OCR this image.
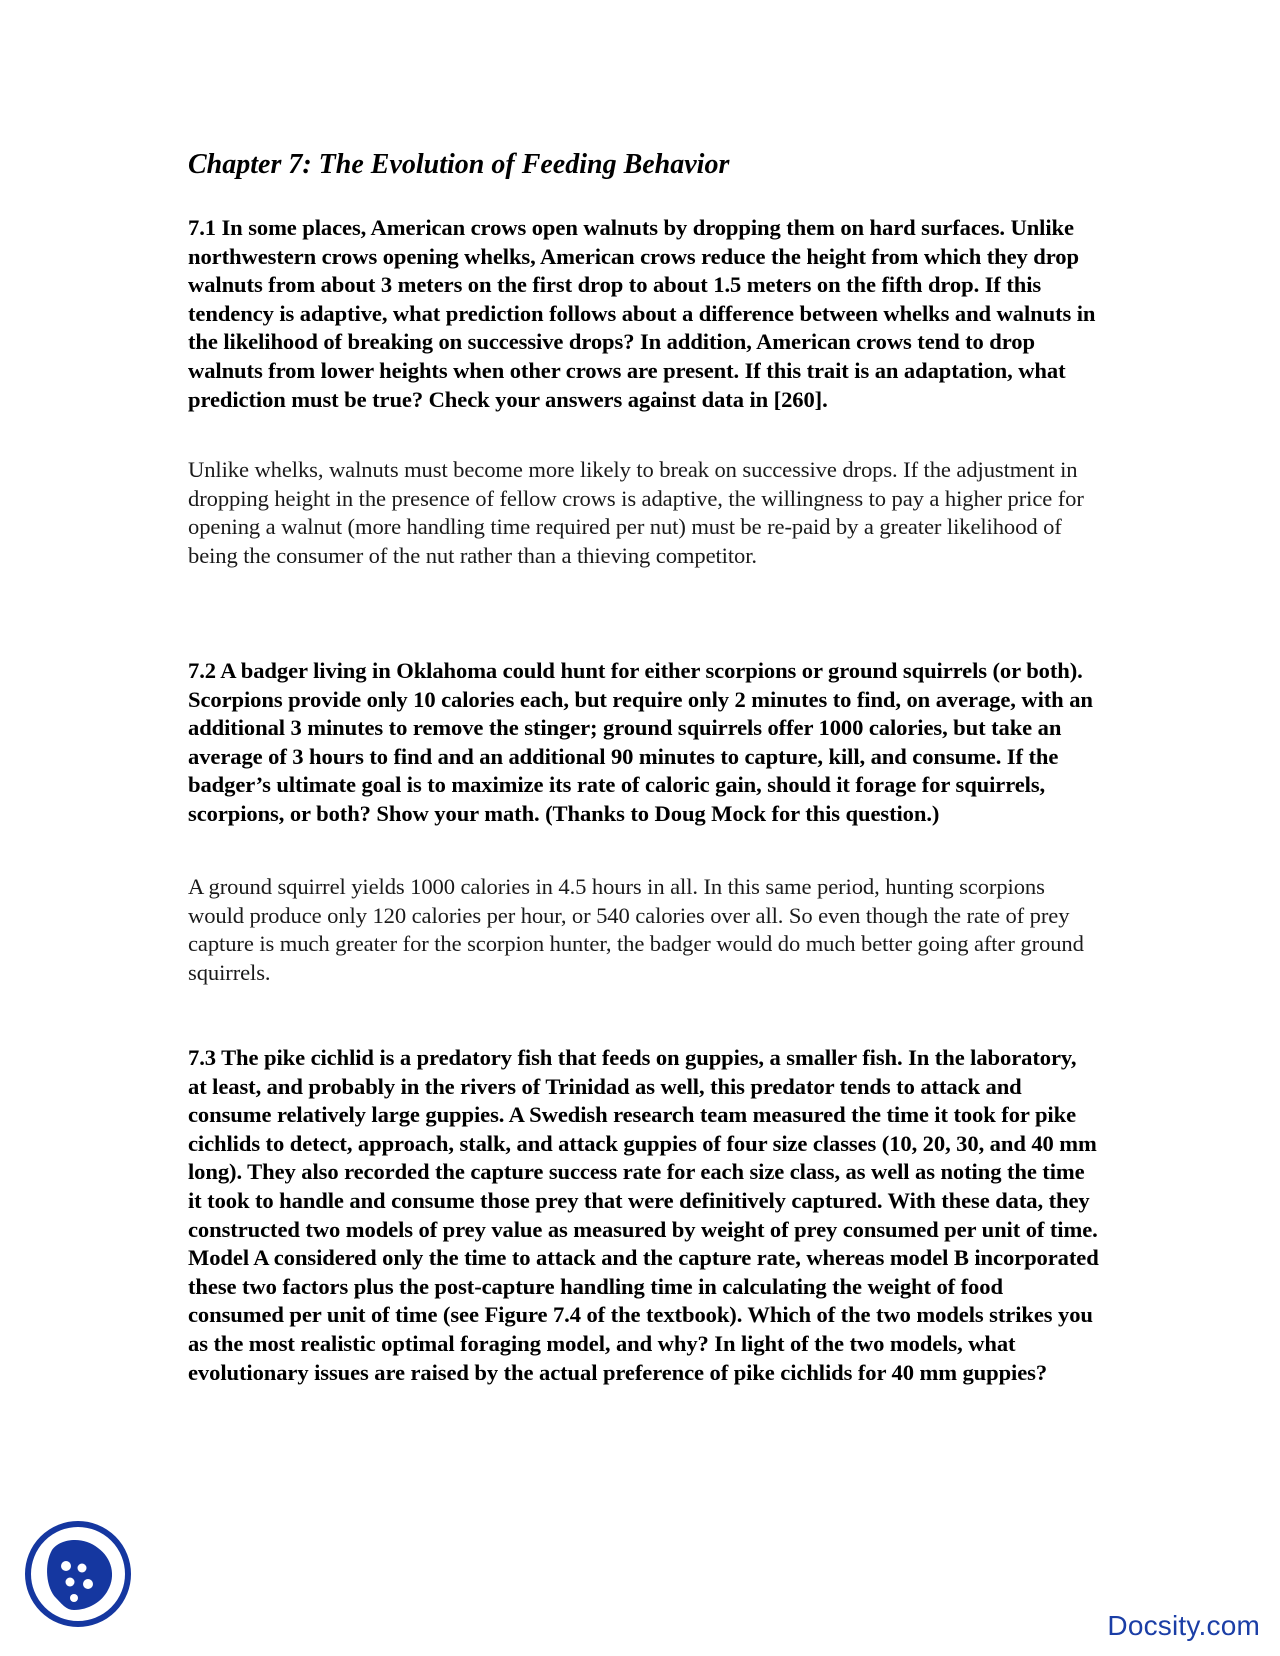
Chapter 7: The Evolution of Feeding Behavior

7.1 In some places, American crows open walnuts by dropping them on hard surfaces. Unlike northwestern crows opening whelks, American crows reduce the height from which they drop walnuts from about 3 meters on the first drop to about 1.5 meters on the fifth drop. If this tendency is adaptive, what prediction follows about a difference between whelks and walnuts in the likelihood of breaking on successive drops? In addition, American crows tend to drop walnuts from lower heights when other crows are present. If this trait is an adaptation, what prediction must be true? Check your answers against data in [260].

Unlike whelks, walnuts must become more likely to break on successive drops. If the adjustment in dropping height in the presence of fellow crows is adaptive, the willingness to pay a higher price for opening a walnut (more handling time required per nut) must be re-paid by a greater likelihood of being the consumer of the nut rather than a thieving competitor.

7.2 A badger living in Oklahoma could hunt for either scorpions or ground squirrels (or both). Scorpions provide only 10 calories each, but require only 2 minutes to find, on average, with an additional 3 minutes to remove the stinger; ground squirrels offer 1000 calories, but take an average of 3 hours to find and an additional 90 minutes to capture, kill, and consume. If the badger’s ultimate goal is to maximize its rate of caloric gain, should it forage for squirrels, scorpions, or both? Show your math. (Thanks to Doug Mock for this question.)

A ground squirrel yields 1000 calories in 4.5 hours in all. In this same period, hunting scorpions would produce only 120 calories per hour, or 540 calories over all. So even though the rate of prey capture is much greater for the scorpion hunter, the badger would do much better going after ground squirrels.

7.3 The pike cichlid is a predatory fish that feeds on guppies, a smaller fish. In the laboratory, at least, and probably in the rivers of Trinidad as well, this predator tends to attack and consume relatively large guppies. A Swedish research team measured the time it took for pike cichlids to detect, approach, stalk, and attack guppies of four size classes (10, 20, 30, and 40 mm long). They also recorded the capture success rate for each size class, as well as noting the time it took to handle and consume those prey that were definitively captured. With these data, they constructed two models of prey value as measured by weight of prey consumed per unit of time. Model A considered only the time to attack and the capture rate, whereas model B incorporated these two factors plus the post-capture handling time in calculating the weight of food consumed per unit of time (see Figure 7.4 of the textbook). Which of the two models strikes you as the most realistic optimal foraging model, and why? In light of the two models, what evolutionary issues are raised by the actual preference of pike cichlids for 40 mm guppies?

Docsity.com
